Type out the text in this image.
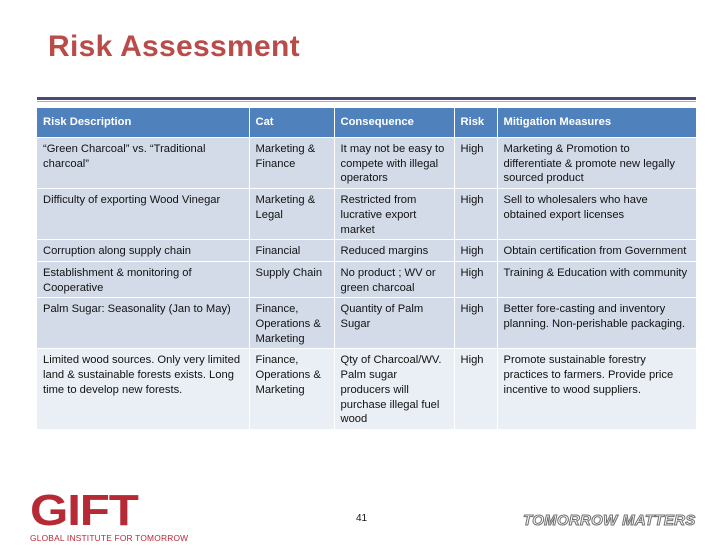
Risk Assessment
Risk Description	Cat	Consequence	Risk	Mitigation Measures
“Green Charcoal” vs. “Traditional charcoal”	Marketing & Finance	It may not be easy to compete with illegal operators	High	Marketing & Promotion to differentiate & promote new legally sourced product
Difficulty of exporting Wood Vinegar	Marketing & Legal	Restricted from lucrative export market	High	Sell to wholesalers who have obtained export licenses
Corruption along supply chain	Financial	Reduced margins	High	Obtain certification from Government
Establishment & monitoring of Cooperative	Supply Chain	No product ; WV or green charcoal	High	Training & Education with community
Palm Sugar: Seasonality (Jan to May)	Finance, Operations & Marketing	Quantity of Palm Sugar	High	Better fore-casting and inventory planning. Non-perishable packaging.
Limited wood sources. Only very limited land & sustainable forests exists. Long time to develop new forests.	Finance, Operations & Marketing	Qty of Charcoal/WV. Palm sugar producers will purchase illegal fuel wood	High	Promote sustainable forestry practices to farmers. Provide price incentive to wood suppliers.
GIFT
GLOBAL INSTITUTE FOR TOMORROW
41	TOMORROW MATTERS
